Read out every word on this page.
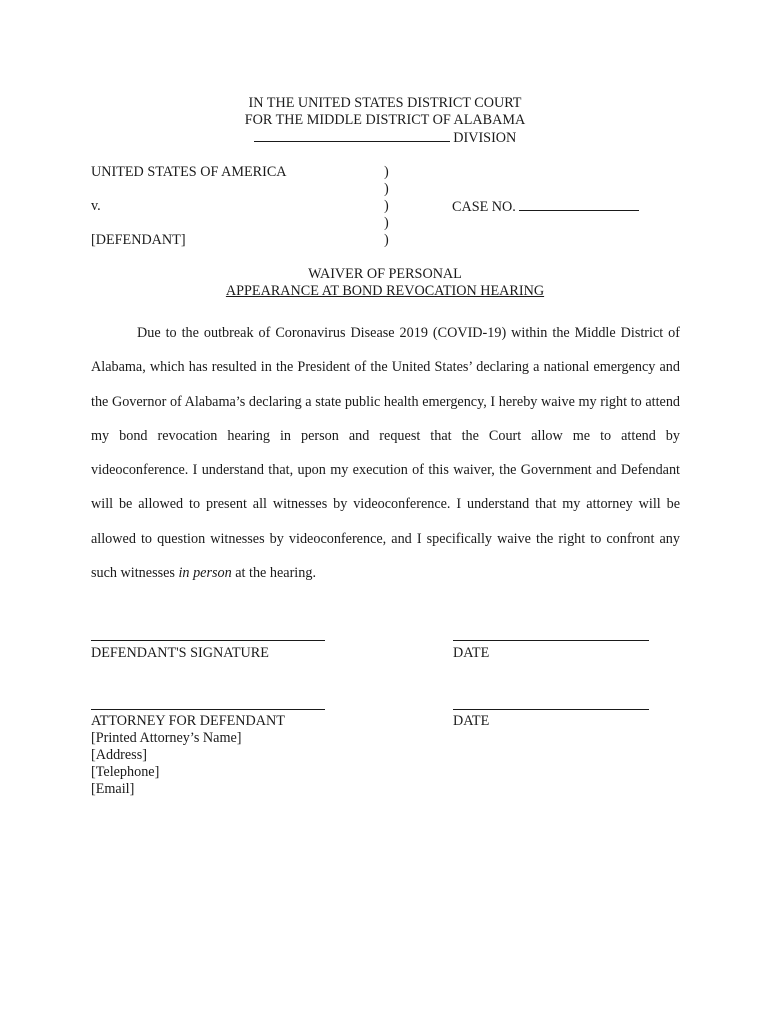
IN THE UNITED STATES DISTRICT COURT
FOR THE MIDDLE DISTRICT OF ALABAMA
DIVISION
UNITED STATES OF AMERICA
v.
[DEFENDANT]
)
)
)
)
)
CASE NO.
WAIVER OF PERSONAL
APPEARANCE AT BOND REVOCATION HEARING

Due to the outbreak of Coronavirus Disease 2019 (COVID-19) within the Middle District of Alabama, which has resulted in the President of the United States’ declaring a national emergency and the Governor of Alabama’s declaring a state public health emergency, I hereby waive my right to attend my bond revocation hearing in person and request that the Court allow me to attend by videoconference. I understand that, upon my execution of this waiver, the Government and Defendant will be allowed to present all witnesses by videoconference. I understand that my attorney will be allowed to question witnesses by videoconference, and I specifically waive the right to confront any such witnesses in person at the hearing.

DEFENDANT'S SIGNATURE	DATE
ATTORNEY FOR DEFENDANT
[Printed Attorney’s Name]
[Address]
[Telephone]
[Email]
DATE
